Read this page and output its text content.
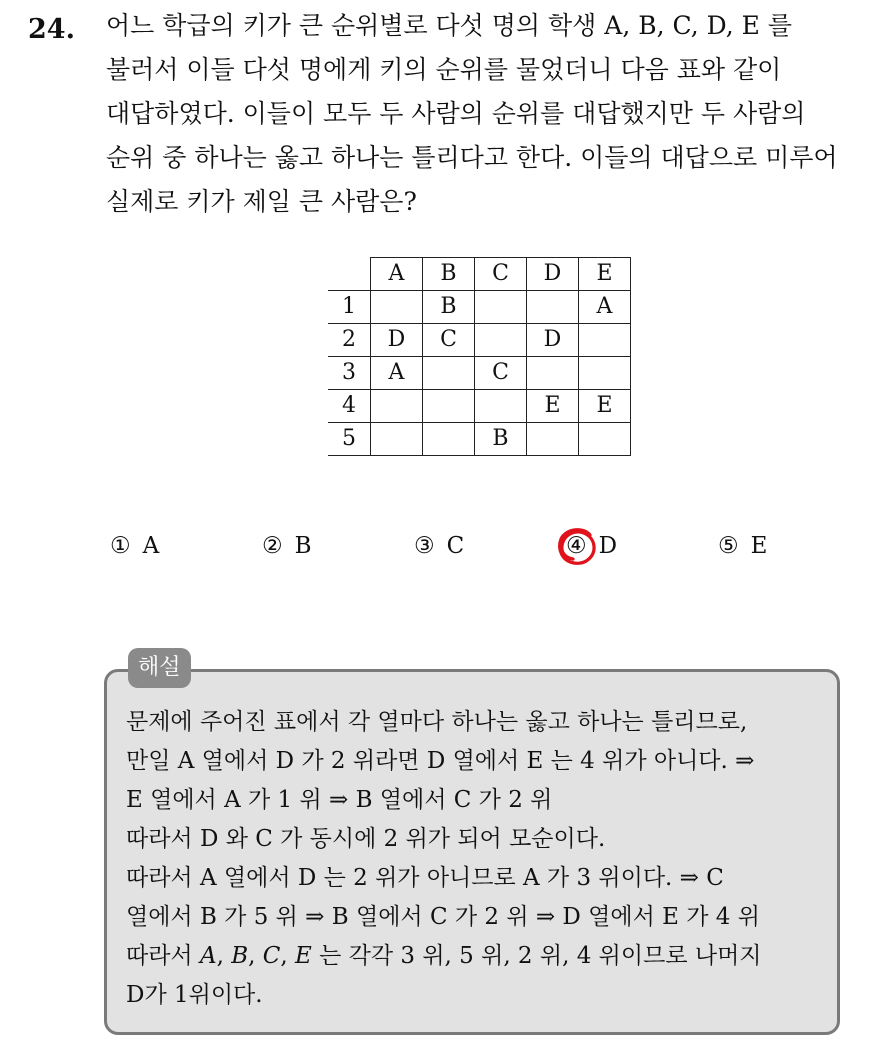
24. 어느 학급의 키가 큰 순위별로 다섯 명의 학생 A, B, C, D, E 를
불러서 이들 다섯 명에게 키의 순위를 물었더니 다음 표와 같이
대답하였다. 이들이 모두 두 사람의 순위를 대답했지만 두 사람의
순위 중 하나는 옳고 하나는 틀리다고 한다. 이들의 대답으로 미루어
실제로 키가 제일 큰 사람은?
	A	B	C	D	E
1		B			A
2	D	C		D	
3	A		C		
4				E	E
5			B		
① A	② B	③ C	④ D	⑤ E
해설
문제에 주어진 표에서 각 열마다 하나는 옳고 하나는 틀리므로,
만일 A 열에서 D 가 2 위라면 D 열에서 E 는 4 위가 아니다. ⇒
E 열에서 A 가 1 위 ⇒ B 열에서 C 가 2 위
따라서 D 와 C 가 동시에 2 위가 되어 모순이다.
따라서 A 열에서 D 는 2 위가 아니므로 A 가 3 위이다. ⇒ C
열에서 B 가 5 위 ⇒ B 열에서 C 가 2 위 ⇒ D 열에서 E 가 4 위
따라서 A, B, C, E 는 각각 3 위, 5 위, 2 위, 4 위이므로 나머지
D가 1위이다.
